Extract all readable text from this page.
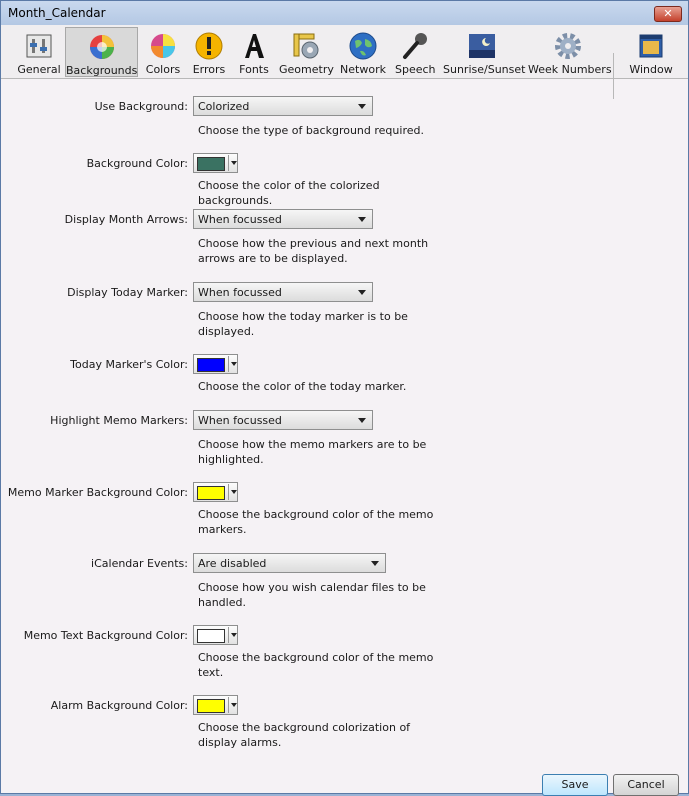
Month_Calendar	✕
General Backgrounds Colors	Errors	Fonts Geometry Network Speech Sunrise/Sunset Week Numbers Window
Use Background: Colorized
Choose the type of background required.
Background Color:
Choose the color of the colorized backgrounds.
Display Month Arrows: When focussed
Choose how the previous and next month arrows are to be displayed.
Display Today Marker: When focussed
Choose how the today marker is to be displayed.
Today Marker's Color:
Choose the color of the today marker.
Highlight Memo Markers: When focussed
Choose how the memo markers are to be highlighted.
Memo Marker Background Color:
Choose the background color of the memo markers.
iCalendar Events: Are disabled
Choose how you wish calendar files to be handled.
Memo Text Background Color:
Choose the background color of the memo text.
Alarm Background Color:
Choose the background colorization of display alarms.
Save	Cancel
